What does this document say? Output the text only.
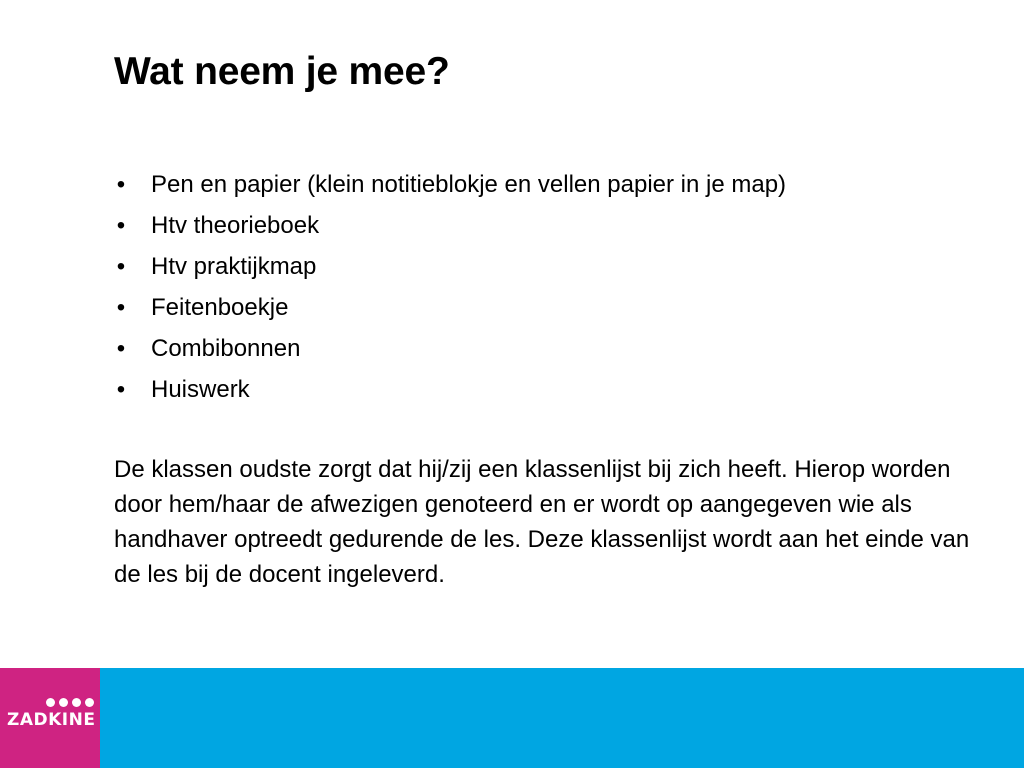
Wat neem je mee?
• Pen en papier (klein notitieblokje en vellen papier in je map)
• Htv theorieboek
• Htv praktijkmap
• Feitenboekje
• Combibonnen
• Huiswerk

De klassen oudste zorgt dat hij/zij een klassenlijst bij zich heeft. Hierop worden door hem/haar de afwezigen genoteerd en er wordt op aangegeven wie als handhaver optreedt gedurende de les. Deze klassenlijst wordt aan het einde van de les bij de docent ingeleverd.

ZADKINE
